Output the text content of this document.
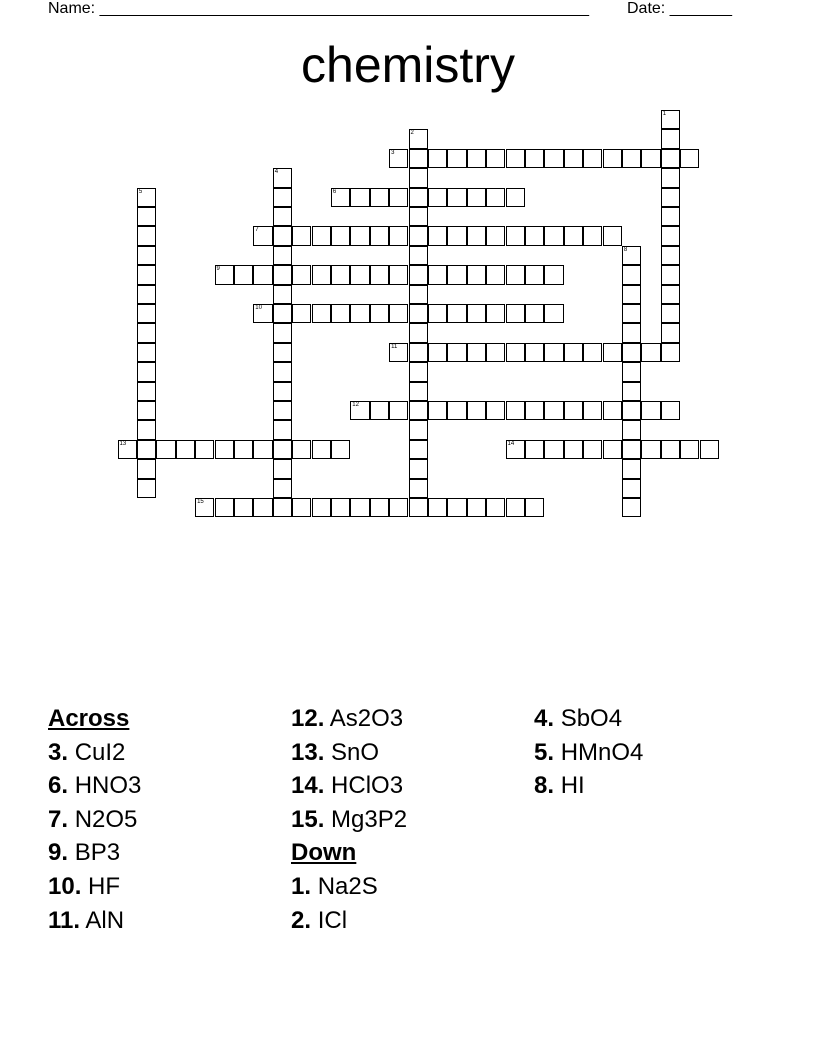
Name: _______________________________________________________ Date: _______
chemistry
1
2
3
4
5	6
7
8
9
10
11
12
13	14
15
Across
3. CuI2
6. HNO3
7. N2O5
9. BP3
10. HF
11. AlN
12. As2O3
13. SnO
14. HClO3
15. Mg3P2
Down
1. Na2S
2. ICl
4. SbO4
5. HMnO4
8. HI
